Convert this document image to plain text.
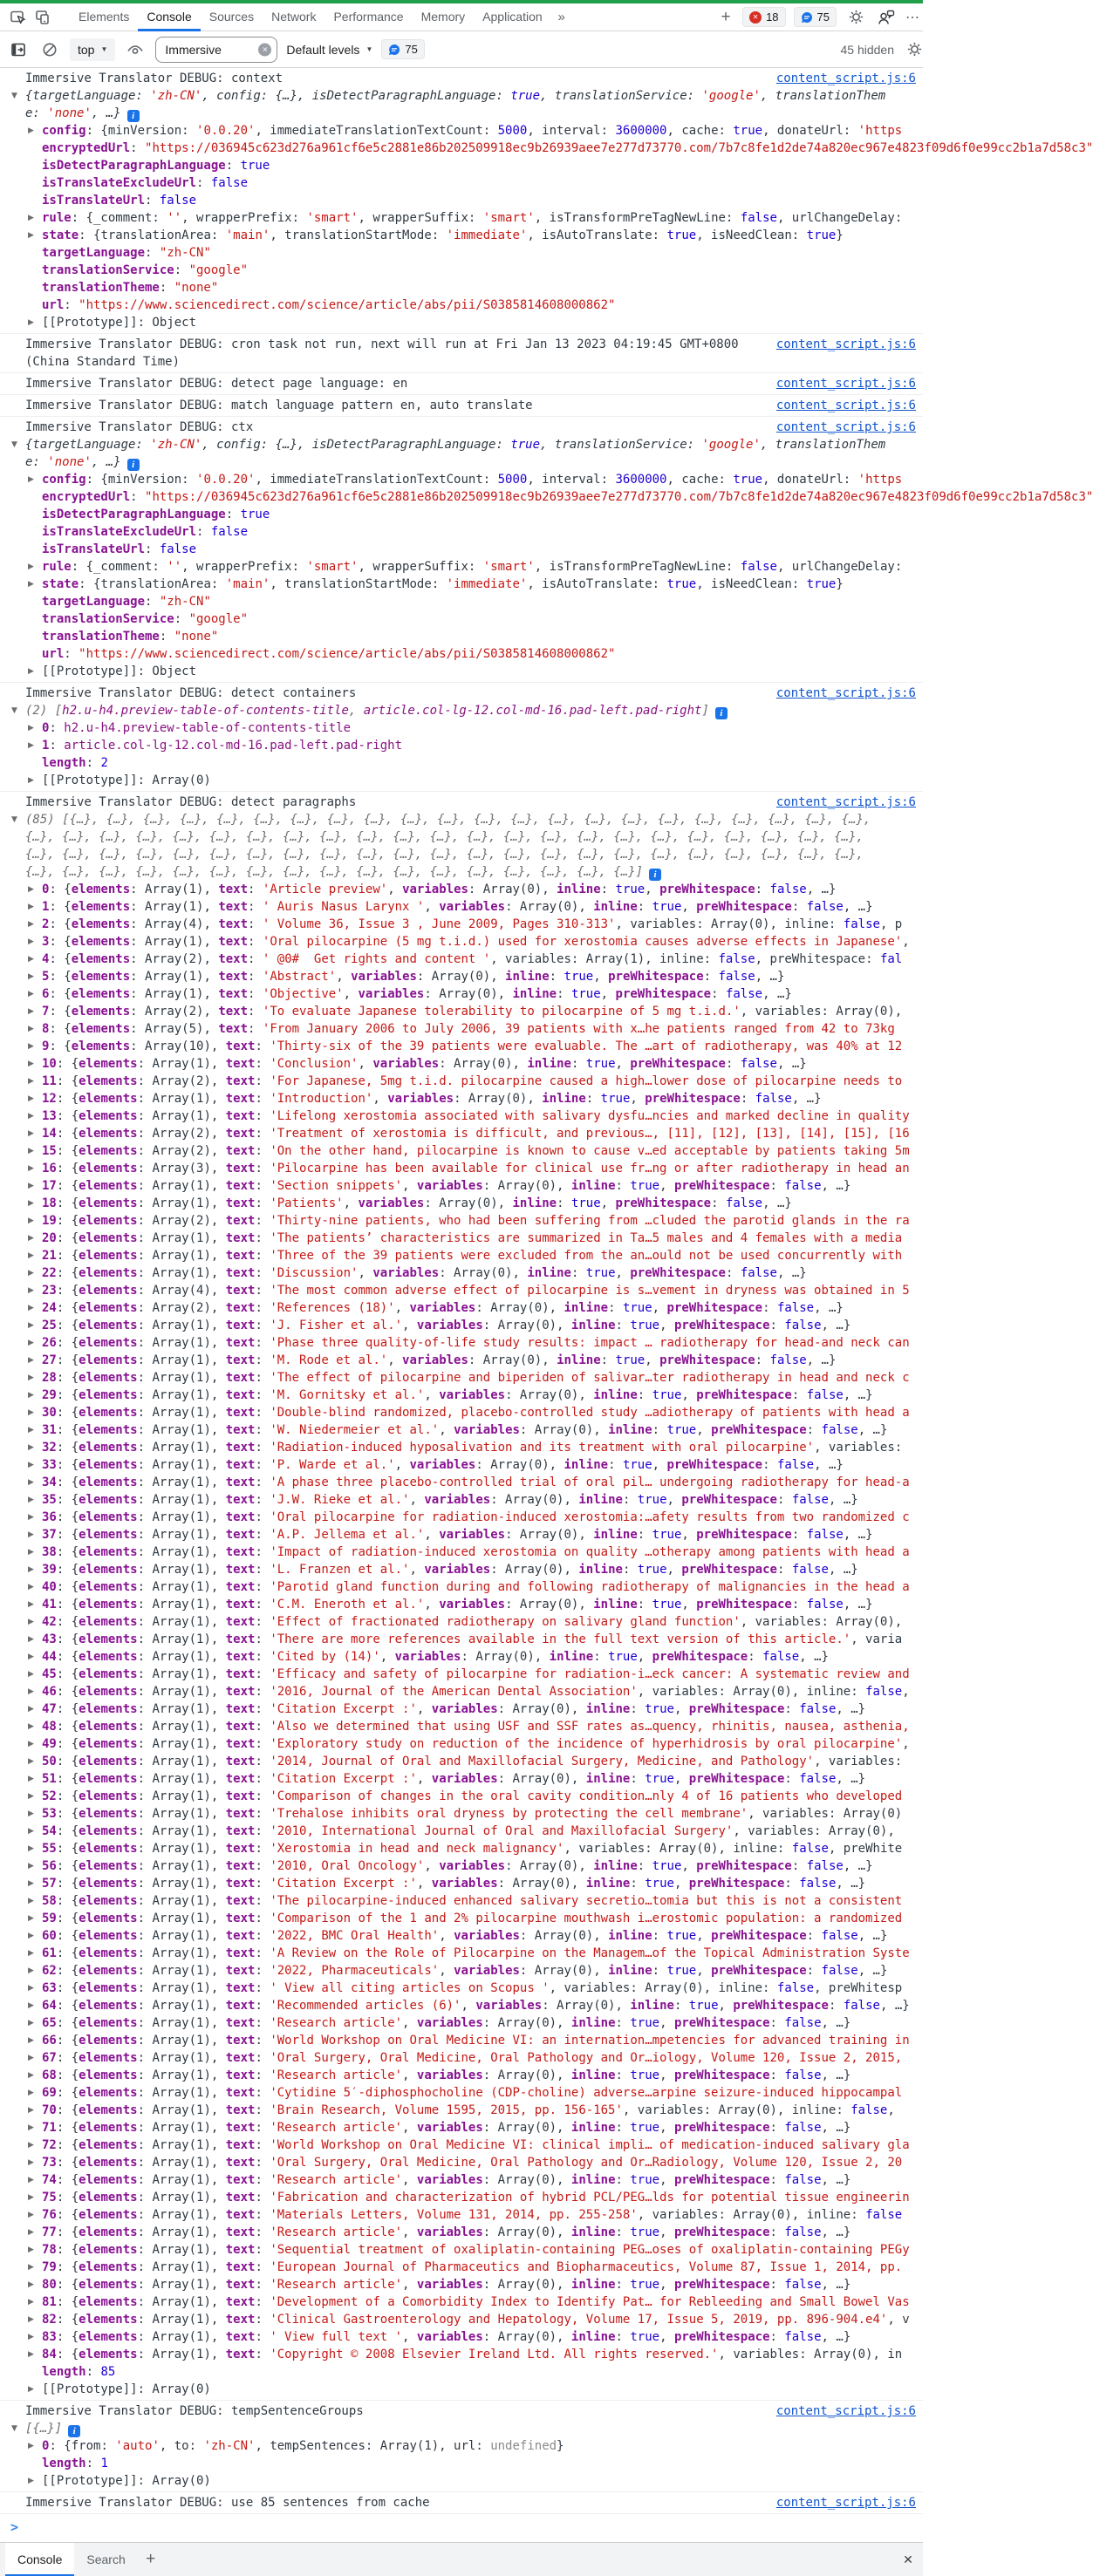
Elements	Console	Sources	Network	Performance	Memory	Application	»	+	✕ 18	75	⋯
top ▼
Immersive	✕ Default levels ▼	75	45 hidden
Immersive Translator DEBUG: context	content_script.js:6
▼ {targetLanguage: 'zh-CN', config: {…}, isDetectParagraphLanguage: true, translationService: 'google', translationTheme: 'none', …} i
▶ config: {minVersion: '0.0.20', immediateTranslationTextCount: 5000, interval: 3600000, cache: true, donateUrl: 'https
encryptedUrl: "https://036945c623d276a961cf6e5c2881e86b202509918ec9b26939aee7e277d73770.com/7b7c8fe1d2de74a820ec967e4823f09d6f0e99cc2b1a7d58c3"
isDetectParagraphLanguage: true
isTranslateExcludeUrl: false
isTranslateUrl: false
▶ rule: {_comment: '', wrapperPrefix: 'smart', wrapperSuffix: 'smart', isTransformPreTagNewLine: false, urlChangeDelay:
▶ state: {translationArea: 'main', translationStartMode: 'immediate', isAutoTranslate: true, isNeedClean: true}
targetLanguage: "zh-CN"
translationService: "google"
translationTheme: "none"
url: "https://www.sciencedirect.com/science/article/abs/pii/S0385814608000862"
▶ [[Prototype]]: Object
Immersive Translator DEBUG: cron task not run, next will run at Fri Jan 13 2023 04:19:45 GMT+0800 (China Standard Time)
content_script.js:6
Immersive Translator DEBUG: detect page language: en	content_script.js:6
Immersive Translator DEBUG: match language pattern en, auto translate	content_script.js:6
Immersive Translator DEBUG: ctx	content_script.js:6
▼ {targetLanguage: 'zh-CN', config: {…}, isDetectParagraphLanguage: true, translationService: 'google', translationTheme: 'none', …} i
▶ config: {minVersion: '0.0.20', immediateTranslationTextCount: 5000, interval: 3600000, cache: true, donateUrl: 'https
encryptedUrl: "https://036945c623d276a961cf6e5c2881e86b202509918ec9b26939aee7e277d73770.com/7b7c8fe1d2de74a820ec967e4823f09d6f0e99cc2b1a7d58c3"
isDetectParagraphLanguage: true
isTranslateExcludeUrl: false
isTranslateUrl: false
▶ rule: {_comment: '', wrapperPrefix: 'smart', wrapperSuffix: 'smart', isTransformPreTagNewLine: false, urlChangeDelay:
▶ state: {translationArea: 'main', translationStartMode: 'immediate', isAutoTranslate: true, isNeedClean: true}
targetLanguage: "zh-CN"
translationService: "google"
translationTheme: "none"
url: "https://www.sciencedirect.com/science/article/abs/pii/S0385814608000862"
▶ [[Prototype]]: Object
Immersive Translator DEBUG: detect containers	content_script.js:6
▼ (2) [h2.u-h4.preview-table-of-contents-title, article.col-lg-12.col-md-16.pad-left.pad-right] i
▶ 0: h2.u-h4.preview-table-of-contents-title
▶ 1: article.col-lg-12.col-md-16.pad-left.pad-right
length: 2
▶ [[Prototype]]: Array(0)
Immersive Translator DEBUG: detect paragraphs	content_script.js:6
▼ (85) [{…}, {…}, {…}, {…}, {…}, {…}, {…}, {…}, {…}, {…}, {…}, {…}, {…}, {…}, {…}, {…}, {…}, {…}, {…}, {…}, {…}, {…}, {…}, {…}, {…}, {…}, {…}, {…}, {…}, {…}, {…}, {…}, {…}, {…}, {…}, {…}, {…}, {…}, {…}, {…}, {…}, {…}, {…}, {…}, {…}, {…}, {…}, {…}, {…}, {…}, {…}, {…}, {…}, {…}, {…}, {…}, {…}, {…}, {…}, {…}, {…}, {…}, {…}, {…}, {…}, {…}, {…}, {…}, {…}, {…}, {…}, {…}, {…}, {…}, {…}, {…}, {…}, {…}, {…}, {…}, {…}, {…}, {…}, {…}, {…}] i
▶ 0: {elements: Array(1), text: 'Article preview', variables: Array(0), inline: true, preWhitespace: false, …}
▶ 1: {elements: Array(1), text: ' Auris Nasus Larynx ', variables: Array(0), inline: true, preWhitespace: false, …}
▶ 2: {elements: Array(4), text: ' Volume 36, Issue 3 , June 2009, Pages 310-313', variables: Array(0), inline: false, p
▶ 3: {elements: Array(1), text: 'Oral pilocarpine (5 mg t.i.d.) used for xerostomia causes adverse effects in Japanese',
▶ 4: {elements: Array(2), text: ' @0#  Get rights and content ', variables: Array(1), inline: false, preWhitespace: fal
▶ 5: {elements: Array(1), text: 'Abstract', variables: Array(0), inline: true, preWhitespace: false, …}
▶ 6: {elements: Array(1), text: 'Objective', variables: Array(0), inline: true, preWhitespace: false, …}
▶ 7: {elements: Array(2), text: 'To evaluate Japanese tolerability to pilocarpine of 5 mg t.i.d.', variables: Array(0),
▶ 8: {elements: Array(5), text: 'From January 2006 to July 2006, 39 patients with x…he patients ranged from 42 to 73kg
▶ 9: {elements: Array(10), text: 'Thirty-six of the 39 patients were evaluable. The …art of radiotherapy, was 40% at 12
▶ 10: {elements: Array(1), text: 'Conclusion', variables: Array(0), inline: true, preWhitespace: false, …}
▶ 11: {elements: Array(2), text: 'For Japanese, 5mg t.i.d. pilocarpine caused a high…lower dose of pilocarpine needs to
▶ 12: {elements: Array(1), text: 'Introduction', variables: Array(0), inline: true, preWhitespace: false, …}
▶ 13: {elements: Array(1), text: 'Lifelong xerostomia associated with salivary dysfu…ncies and marked decline in quality
▶ 14: {elements: Array(2), text: 'Treatment of xerostomia is difficult, and previous…, [11], [12], [13], [14], [15], [16
▶ 15: {elements: Array(2), text: 'On the other hand, pilocarpine is known to cause v…ed acceptable by patients taking 5m
▶ 16: {elements: Array(3), text: 'Pilocarpine has been available for clinical use fr…ng or after radiotherapy in head an
▶ 17: {elements: Array(1), text: 'Section snippets', variables: Array(0), inline: true, preWhitespace: false, …}
▶ 18: {elements: Array(1), text: 'Patients', variables: Array(0), inline: true, preWhitespace: false, …}
▶ 19: {elements: Array(2), text: 'Thirty-nine patients, who had been suffering from …cluded the parotid glands in the ra
▶ 20: {elements: Array(1), text: 'The patients’ characteristics are summarized in Ta…5 males and 4 females with a media
▶ 21: {elements: Array(1), text: 'Three of the 39 patients were excluded from the an…ould not be used concurrently with
▶ 22: {elements: Array(1), text: 'Discussion', variables: Array(0), inline: true, preWhitespace: false, …}
▶ 23: {elements: Array(4), text: 'The most common adverse effect of pilocarpine is s…vement in dryness was obtained in 5
▶ 24: {elements: Array(2), text: 'References (18)', variables: Array(0), inline: true, preWhitespace: false, …}
▶ 25: {elements: Array(1), text: 'J. Fisher et al.', variables: Array(0), inline: true, preWhitespace: false, …}
▶ 26: {elements: Array(1), text: 'Phase three quality-of-life study results: impact … radiotherapy for head-and neck can
▶ 27: {elements: Array(1), text: 'M. Rode et al.', variables: Array(0), inline: true, preWhitespace: false, …}
▶ 28: {elements: Array(1), text: 'The effect of pilocarpine and biperiden of salivar…ter radiotherapy in head and neck c
▶ 29: {elements: Array(1), text: 'M. Gornitsky et al.', variables: Array(0), inline: true, preWhitespace: false, …}
▶ 30: {elements: Array(1), text: 'Double-blind randomized, placebo-controlled study …adiotherapy of patients with head a
▶ 31: {elements: Array(1), text: 'W. Niedermeier et al.', variables: Array(0), inline: true, preWhitespace: false, …}
▶ 32: {elements: Array(1), text: 'Radiation-induced hyposalivation and its treatment with oral pilocarpine', variables:
▶ 33: {elements: Array(1), text: 'P. Warde et al.', variables: Array(0), inline: true, preWhitespace: false, …}
▶ 34: {elements: Array(1), text: 'A phase three placebo-controlled trial of oral pil… undergoing radiotherapy for head-a
▶ 35: {elements: Array(1), text: 'J.W. Rieke et al.', variables: Array(0), inline: true, preWhitespace: false, …}
▶ 36: {elements: Array(1), text: 'Oral pilocarpine for radiation-induced xerostomia:…afety results from two randomized c
▶ 37: {elements: Array(1), text: 'A.P. Jellema et al.', variables: Array(0), inline: true, preWhitespace: false, …}
▶ 38: {elements: Array(1), text: 'Impact of radiation-induced xerostomia on quality …otherapy among patients with head a
▶ 39: {elements: Array(1), text: 'L. Franzen et al.', variables: Array(0), inline: true, preWhitespace: false, …}
▶ 40: {elements: Array(1), text: 'Parotid gland function during and following radiotherapy of malignancies in the head a
▶ 41: {elements: Array(1), text: 'C.M. Eneroth et al.', variables: Array(0), inline: true, preWhitespace: false, …}
▶ 42: {elements: Array(1), text: 'Effect of fractionated radiotherapy on salivary gland function', variables: Array(0),
▶ 43: {elements: Array(1), text: 'There are more references available in the full text version of this article.', varia
▶ 44: {elements: Array(1), text: 'Cited by (14)', variables: Array(0), inline: true, preWhitespace: false, …}
▶ 45: {elements: Array(1), text: 'Efficacy and safety of pilocarpine for radiation-i…eck cancer: A systematic review and
▶ 46: {elements: Array(1), text: '2016, Journal of the American Dental Association', variables: Array(0), inline: false,
▶ 47: {elements: Array(1), text: 'Citation Excerpt :', variables: Array(0), inline: true, preWhitespace: false, …}
▶ 48: {elements: Array(1), text: 'Also we determined that using USF and SSF rates as…quency, rhinitis, nausea, asthenia,
▶ 49: {elements: Array(1), text: 'Exploratory study on reduction of the incidence of hyperhidrosis by oral pilocarpine',
▶ 50: {elements: Array(1), text: '2014, Journal of Oral and Maxillofacial Surgery, Medicine, and Pathology', variables:
▶ 51: {elements: Array(1), text: 'Citation Excerpt :', variables: Array(0), inline: true, preWhitespace: false, …}
▶ 52: {elements: Array(1), text: 'Comparison of changes in the oral cavity condition…nly 4 of 16 patients who developed
▶ 53: {elements: Array(1), text: 'Trehalose inhibits oral dryness by protecting the cell membrane', variables: Array(0)
▶ 54: {elements: Array(1), text: '2010, International Journal of Oral and Maxillofacial Surgery', variables: Array(0),
▶ 55: {elements: Array(1), text: 'Xerostomia in head and neck malignancy', variables: Array(0), inline: false, preWhite
▶ 56: {elements: Array(1), text: '2010, Oral Oncology', variables: Array(0), inline: true, preWhitespace: false, …}
▶ 57: {elements: Array(1), text: 'Citation Excerpt :', variables: Array(0), inline: true, preWhitespace: false, …}
▶ 58: {elements: Array(1), text: 'The pilocarpine-induced enhanced salivary secretio…tomia but this is not a consistent
▶ 59: {elements: Array(1), text: 'Comparison of the 1 and 2% pilocarpine mouthwash i…erostomic population: a randomized
▶ 60: {elements: Array(1), text: '2022, BMC Oral Health', variables: Array(0), inline: true, preWhitespace: false, …}
▶ 61: {elements: Array(1), text: 'A Review on the Role of Pilocarpine on the Managem…of the Topical Administration Syste
▶ 62: {elements: Array(1), text: '2022, Pharmaceuticals', variables: Array(0), inline: true, preWhitespace: false, …}
▶ 63: {elements: Array(1), text: ' View all citing articles on Scopus ', variables: Array(0), inline: false, preWhitesp
▶ 64: {elements: Array(1), text: 'Recommended articles (6)', variables: Array(0), inline: true, preWhitespace: false, …}
▶ 65: {elements: Array(1), text: 'Research article', variables: Array(0), inline: true, preWhitespace: false, …}
▶ 66: {elements: Array(1), text: 'World Workshop on Oral Medicine VI: an internation…mpetencies for advanced training in
▶ 67: {elements: Array(1), text: 'Oral Surgery, Oral Medicine, Oral Pathology and Or…iology, Volume 120, Issue 2, 2015,
▶ 68: {elements: Array(1), text: 'Research article', variables: Array(0), inline: true, preWhitespace: false, …}
▶ 69: {elements: Array(1), text: 'Cytidine 5′-diphosphocholine (CDP-choline) adverse…arpine seizure-induced hippocampal
▶ 70: {elements: Array(1), text: 'Brain Research, Volume 1595, 2015, pp. 156-165', variables: Array(0), inline: false,
▶ 71: {elements: Array(1), text: 'Research article', variables: Array(0), inline: true, preWhitespace: false, …}
▶ 72: {elements: Array(1), text: 'World Workshop on Oral Medicine VI: clinical impli… of medication-induced salivary gla
▶ 73: {elements: Array(1), text: 'Oral Surgery, Oral Medicine, Oral Pathology and Or…Radiology, Volume 120, Issue 2, 20
▶ 74: {elements: Array(1), text: 'Research article', variables: Array(0), inline: true, preWhitespace: false, …}
▶ 75: {elements: Array(1), text: 'Fabrication and characterization of hybrid PCL/PEG…lds for potential tissue engineerin
▶ 76: {elements: Array(1), text: 'Materials Letters, Volume 131, 2014, pp. 255-258', variables: Array(0), inline: false
▶ 77: {elements: Array(1), text: 'Research article', variables: Array(0), inline: true, preWhitespace: false, …}
▶ 78: {elements: Array(1), text: 'Sequential treatment of oxaliplatin-containing PEG…oses of oxaliplatin-containing PEGy
▶ 79: {elements: Array(1), text: 'European Journal of Pharmaceutics and Biopharmaceutics, Volume 87, Issue 1, 2014, pp.
▶ 80: {elements: Array(1), text: 'Research article', variables: Array(0), inline: true, preWhitespace: false, …}
▶ 81: {elements: Array(1), text: 'Development of a Comorbidity Index to Identify Pat… for Rebleeding and Small Bowel Vas
▶ 82: {elements: Array(1), text: 'Clinical Gastroenterology and Hepatology, Volume 17, Issue 5, 2019, pp. 896-904.e4', v
▶ 83: {elements: Array(1), text: ' View full text ', variables: Array(0), inline: true, preWhitespace: false, …}
▶ 84: {elements: Array(1), text: 'Copyright © 2008 Elsevier Ireland Ltd. All rights reserved.', variables: Array(0), in
length: 85
▶ [[Prototype]]: Array(0)
Immersive Translator DEBUG: tempSentenceGroups	content_script.js:6
▼ [{…}] i
▶ 0: {from: 'auto', to: 'zh-CN', tempSentences: Array(1), url: undefined}
length: 1
▶ [[Prototype]]: Array(0)
Immersive Translator DEBUG: use 85 sentences from cache	content_script.js:6
>
Console	Search	+	✕
